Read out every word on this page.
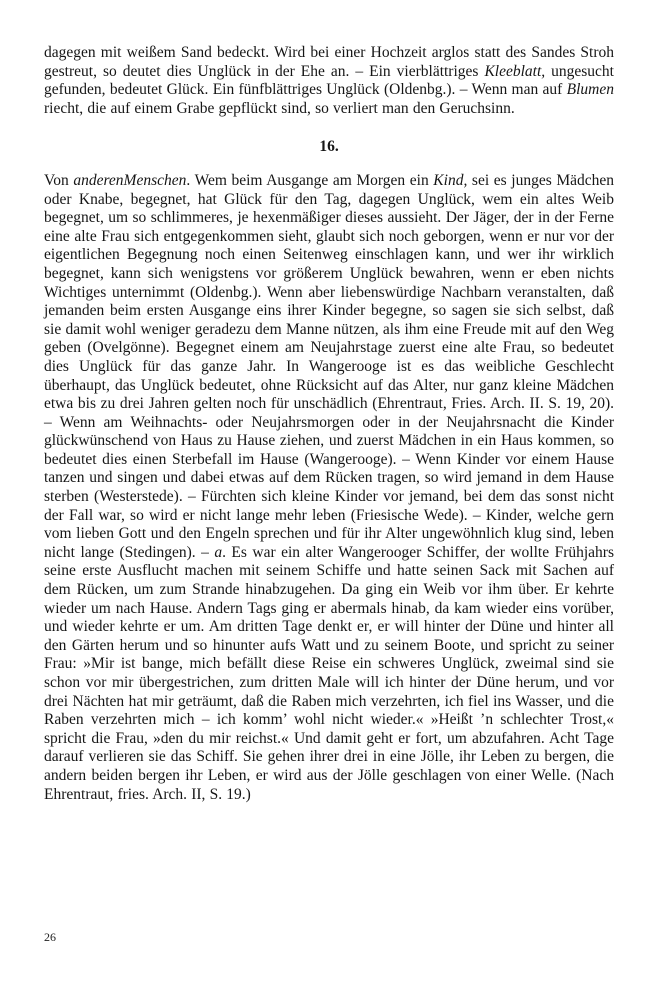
dagegen mit weißem Sand bedeckt. Wird bei einer Hochzeit arglos statt des Sandes Stroh gestreut, so deutet dies Unglück in der Ehe an. – Ein vierblättriges Kleeblatt, ungesucht gefunden, bedeutet Glück. Ein fünfblättriges Unglück (Oldenbg.). – Wenn man auf Blumen riecht, die auf einem Grabe gepflückt sind, so verliert man den Geruchsinn.

16.

Von anderenMenschen. Wem beim Ausgange am Morgen ein Kind, sei es junges Mädchen oder Knabe, begegnet, hat Glück für den Tag, dagegen Unglück, wem ein altes Weib begegnet, um so schlimmeres, je hexenmäßiger dieses aussieht. Der Jäger, der in der Ferne eine alte Frau sich entgegenkommen sieht, glaubt sich noch geborgen, wenn er nur vor der eigentlichen Begegnung noch einen Seitenweg einschlagen kann, und wer ihr wirklich begegnet, kann sich wenigstens vor größerem Unglück bewahren, wenn er eben nichts Wichtiges unternimmt (Oldenbg.). Wenn aber liebenswürdige Nachbarn veranstalten, daß jemanden beim ersten Ausgange eins ihrer Kinder begegne, so sagen sie sich selbst, daß sie damit wohl weniger geradezu dem Manne nützen, als ihm eine Freude mit auf den Weg geben (Ovelgönne). Begegnet einem am Neujahrstage zuerst eine alte Frau, so bedeutet dies Unglück für das ganze Jahr. In Wangerooge ist es das weibliche Geschlecht überhaupt, das Unglück bedeutet, ohne Rücksicht auf das Alter, nur ganz kleine Mädchen etwa bis zu drei Jahren gelten noch für unschädlich (Ehrentraut, Fries. Arch. II. S. 19, 20). – Wenn am Weihnachts- oder Neujahrsmorgen oder in der Neujahrsnacht die Kinder glückwünschend von Haus zu Hause ziehen, und zuerst Mädchen in ein Haus kommen, so bedeutet dies einen Sterbefall im Hause (Wangerooge). – Wenn Kinder vor einem Hause tanzen und singen und dabei etwas auf dem Rücken tragen, so wird jemand in dem Hause sterben (Westerstede). – Fürchten sich kleine Kinder vor jemand, bei dem das sonst nicht der Fall war, so wird er nicht lange mehr leben (Friesische Wede). – Kinder, welche gern vom lieben Gott und den Engeln sprechen und für ihr Alter ungewöhnlich klug sind, leben nicht lange (Stedingen). – a. Es war ein alter Wangerooger Schiffer, der wollte Frühjahrs seine erste Ausflucht machen mit seinem Schiffe und hatte seinen Sack mit Sachen auf dem Rücken, um zum Strande hinabzugehen. Da ging ein Weib vor ihm über. Er kehrte wieder um nach Hause. Andern Tags ging er abermals hinab, da kam wieder eins vorüber, und wieder kehrte er um. Am dritten Tage denkt er, er will hinter der Düne und hinter all den Gärten herum und so hinunter aufs Watt und zu seinem Boote, und spricht zu seiner Frau: »Mir ist bange, mich befällt diese Reise ein schweres Unglück, zweimal sind sie schon vor mir übergestrichen, zum dritten Male will ich hinter der Düne herum, und vor drei Nächten hat mir geträumt, daß die Raben mich verzehrten, ich fiel ins Wasser, und die Raben verzehrten mich – ich komm’ wohl nicht wieder.« »Heißt ’n schlechter Trost,« spricht die Frau, »den du mir reichst.« Und damit geht er fort, um abzufahren. Acht Tage darauf verlieren sie das Schiff. Sie gehen ihrer drei in eine Jölle, ihr Leben zu bergen, die andern beiden bergen ihr Leben, er wird aus der Jölle geschlagen von einer Welle. (Nach Ehrentraut, fries. Arch. II, S. 19.)

26
